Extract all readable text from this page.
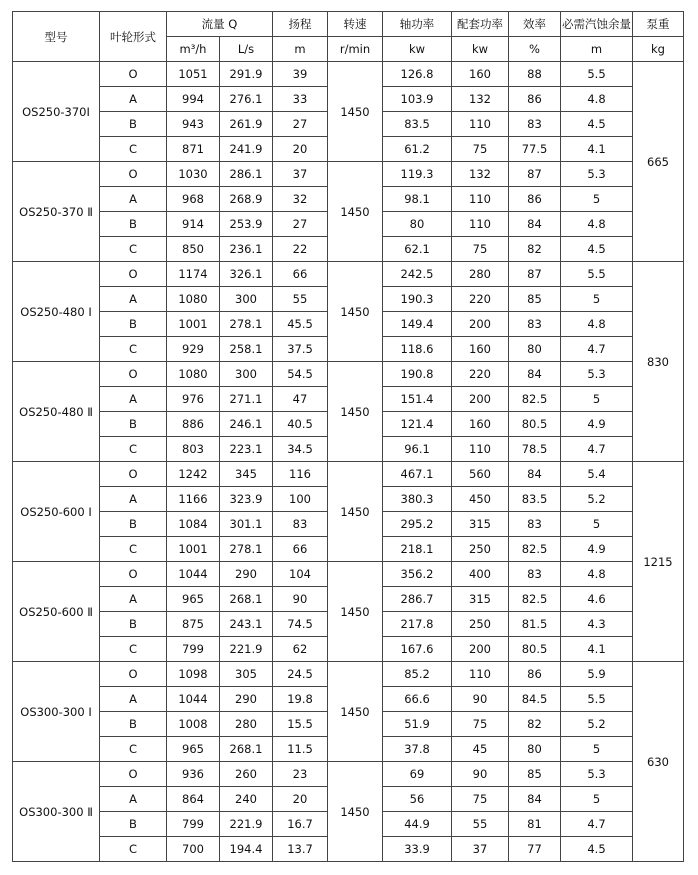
型号	叶轮形式	流量 Q		扬程	转速	轴功率	配套功率	效率	必需汽蚀余量	泵重
		m³/h	L/s	m	r/min	kw	kw	%	m	kg
OS250-370Ⅰ	O	1051	291.9	39	1450	126.8	160	88	5.5	665
	A	994	276.1	33		103.9	132	86	4.8	
	B	943	261.9	27		83.5	110	83	4.5	
	C	871	241.9	20		61.2	75	77.5	4.1	
OS250-370 Ⅱ	O	1030	286.1	37	1450	119.3	132	87	5.3	
	A	968	268.9	32		98.1	110	86	5	
	B	914	253.9	27		80	110	84	4.8	
	C	850	236.1	22		62.1	75	82	4.5	
OS250-480 Ⅰ	O	1174	326.1	66	1450	242.5	280	87	5.5	830
	A	1080	300	55		190.3	220	85	5	
	B	1001	278.1	45.5		149.4	200	83	4.8	
	C	929	258.1	37.5		118.6	160	80	4.7	
OS250-480 Ⅱ	O	1080	300	54.5	1450	190.8	220	84	5.3	
	A	976	271.1	47		151.4	200	82.5	5	
	B	886	246.1	40.5		121.4	160	80.5	4.9	
	C	803	223.1	34.5		96.1	110	78.5	4.7	
OS250-600 Ⅰ	O	1242	345	116	1450	467.1	560	84	5.4	1215
	A	1166	323.9	100		380.3	450	83.5	5.2	
	B	1084	301.1	83		295.2	315	83	5	
	C	1001	278.1	66		218.1	250	82.5	4.9	
OS250-600 Ⅱ	O	1044	290	104	1450	356.2	400	83	4.8	
	A	965	268.1	90		286.7	315	82.5	4.6	
	B	875	243.1	74.5		217.8	250	81.5	4.3	
	C	799	221.9	62		167.6	200	80.5	4.1	
OS300-300 Ⅰ	O	1098	305	24.5	1450	85.2	110	86	5.9	630
	A	1044	290	19.8		66.6	90	84.5	5.5	
	B	1008	280	15.5		51.9	75	82	5.2	
	C	965	268.1	11.5		37.8	45	80	5	
OS300-300 Ⅱ	O	936	260	23	1450	69	90	85	5.3	
	A	864	240	20		56	75	84	5	
	B	799	221.9	16.7		44.9	55	81	4.7	
	C	700	194.4	13.7		33.9	37	77	4.5	
